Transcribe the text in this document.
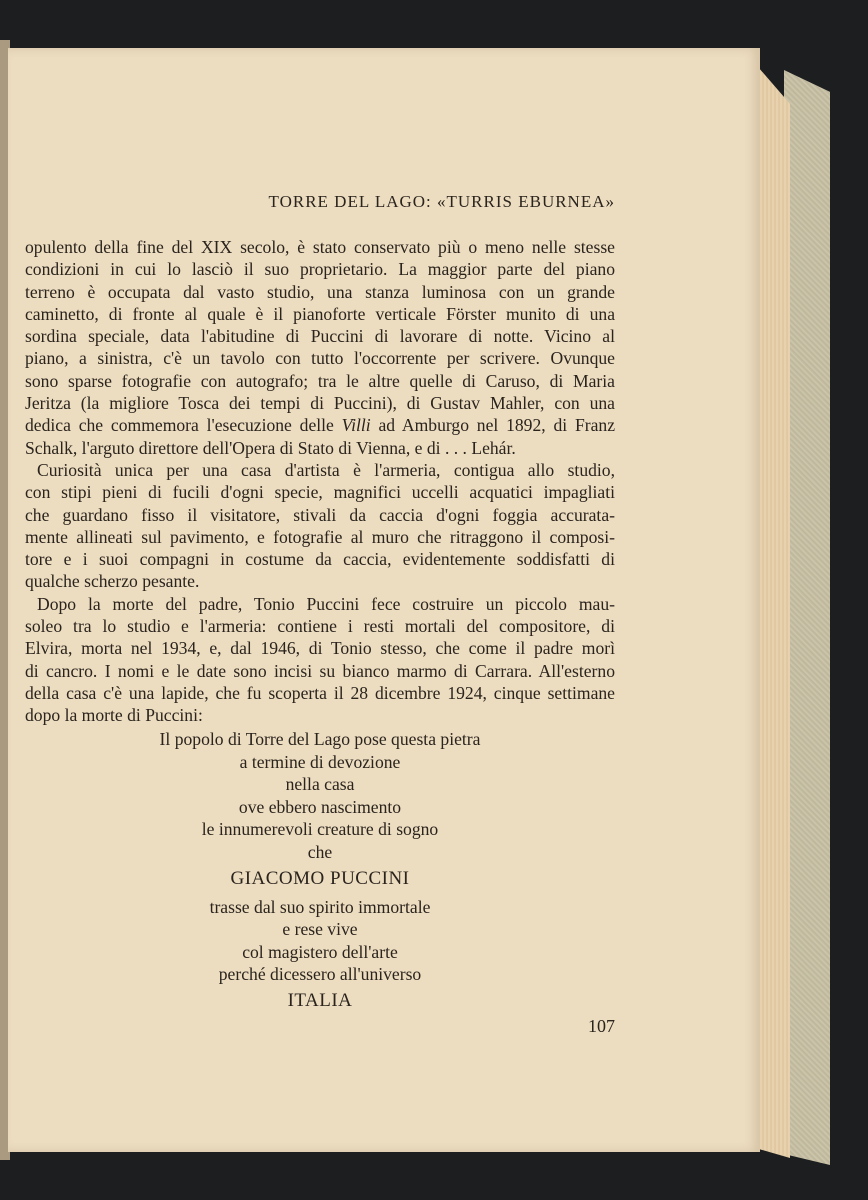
TORRE DEL LAGO: «TURRIS EBURNEA»
opulento della fine del XIX secolo, è stato conservato più o meno nelle stesse
condizioni in cui lo lasciò il suo proprietario. La maggior parte del piano
terreno è occupata dal vasto studio, una stanza luminosa con un grande
caminetto, di fronte al quale è il pianoforte verticale Förster munito di una
sordina speciale, data l'abitudine di Puccini di lavorare di notte. Vicino al
piano, a sinistra, c'è un tavolo con tutto l'occorrente per scrivere. Ovunque
sono sparse fotografie con autografo; tra le altre quelle di Caruso, di Maria
Jeritza (la migliore Tosca dei tempi di Puccini), di Gustav Mahler, con una
dedica che commemora l'esecuzione delle Villi ad Amburgo nel 1892, di Franz
Schalk, l'arguto direttore dell'Opera di Stato di Vienna, e di . . . Lehár.
Curiosità unica per una casa d'artista è l'armeria, contigua allo studio,
con stipi pieni di fucili d'ogni specie, magnifici uccelli acquatici impagliati
che guardano fisso il visitatore, stivali da caccia d'ogni foggia accurata-
mente allineati sul pavimento, e fotografie al muro che ritraggono il composi-
tore e i suoi compagni in costume da caccia, evidentemente soddisfatti di
qualche scherzo pesante.
Dopo la morte del padre, Tonio Puccini fece costruire un piccolo mau-
soleo tra lo studio e l'armeria: contiene i resti mortali del compositore, di
Elvira, morta nel 1934, e, dal 1946, di Tonio stesso, che come il padre morì
di cancro. I nomi e le date sono incisi su bianco marmo di Carrara. All'esterno
della casa c'è una lapide, che fu scoperta il 28 dicembre 1924, cinque settimane
dopo la morte di Puccini:
Il popolo di Torre del Lago pose questa pietra
a termine di devozione
nella casa
ove ebbero nascimento
le innumerevoli creature di sogno
che
GIACOMO PUCCINI
trasse dal suo spirito immortale
e rese vive
col magistero dell'arte
perché dicessero all'universo
ITALIA
107
